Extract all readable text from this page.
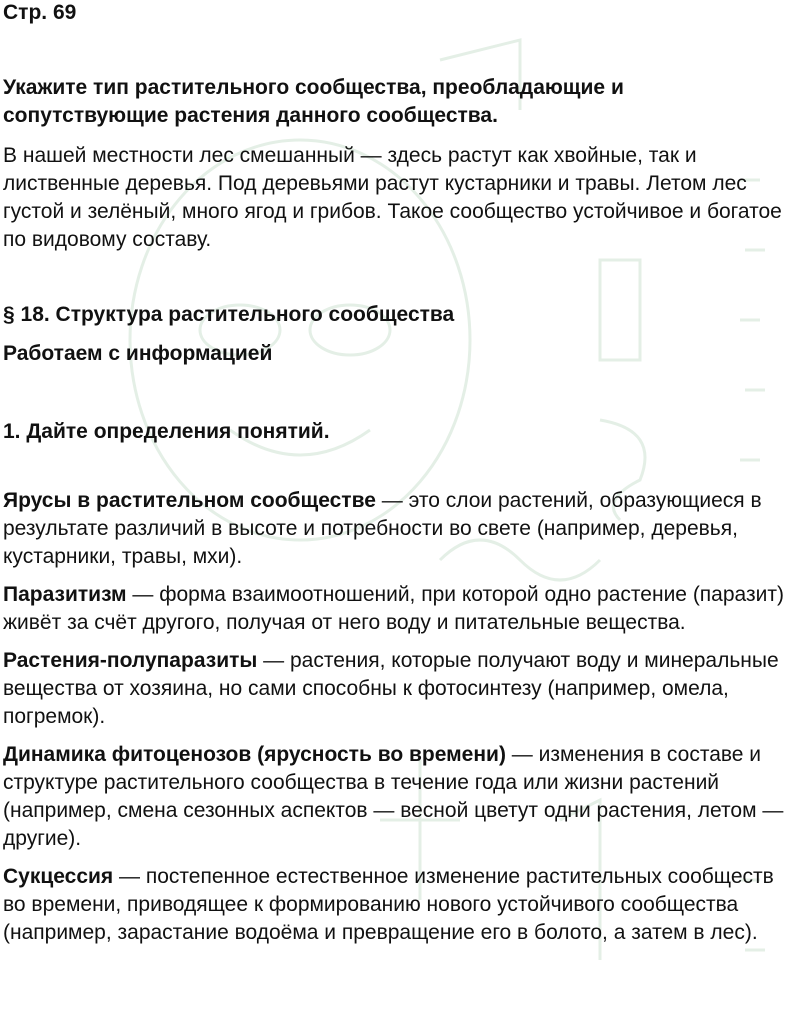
Стр. 69
Укажите тип растительного сообщества, преобладающие и сопутствующие растения данного сообщества.
В нашей местности лес смешанный — здесь растут как хвойные, так и лиственные деревья. Под деревьями растут кустарники и травы. Летом лес густой и зелёный, много ягод и грибов. Такое сообщество устойчивое и богатое по видовому составу.
§ 18. Структура растительного сообщества
Работаем с информацией
1. Дайте определения понятий.
Ярусы в растительном сообществе — это слои растений, образующиеся в результате различий в высоте и потребности во свете (например, деревья, кустарники, травы, мхи).
Паразитизм — форма взаимоотношений, при которой одно растение (паразит) живёт за счёт другого, получая от него воду и питательные вещества.
Растения-полупаразиты — растения, которые получают воду и минеральные вещества от хозяина, но сами способны к фотосинтезу (например, омела, погремок).
Динамика фитоценозов (ярусность во времени) — изменения в составе и структуре растительного сообщества в течение года или жизни растений (например, смена сезонных аспектов — весной цветут одни растения, летом — другие).
Сукцессия — постепенное естественное изменение растительных сообществ во времени, приводящее к формированию нового устойчивого сообщества (например, зарастание водоёма и превращение его в болото, а затем в лес).
